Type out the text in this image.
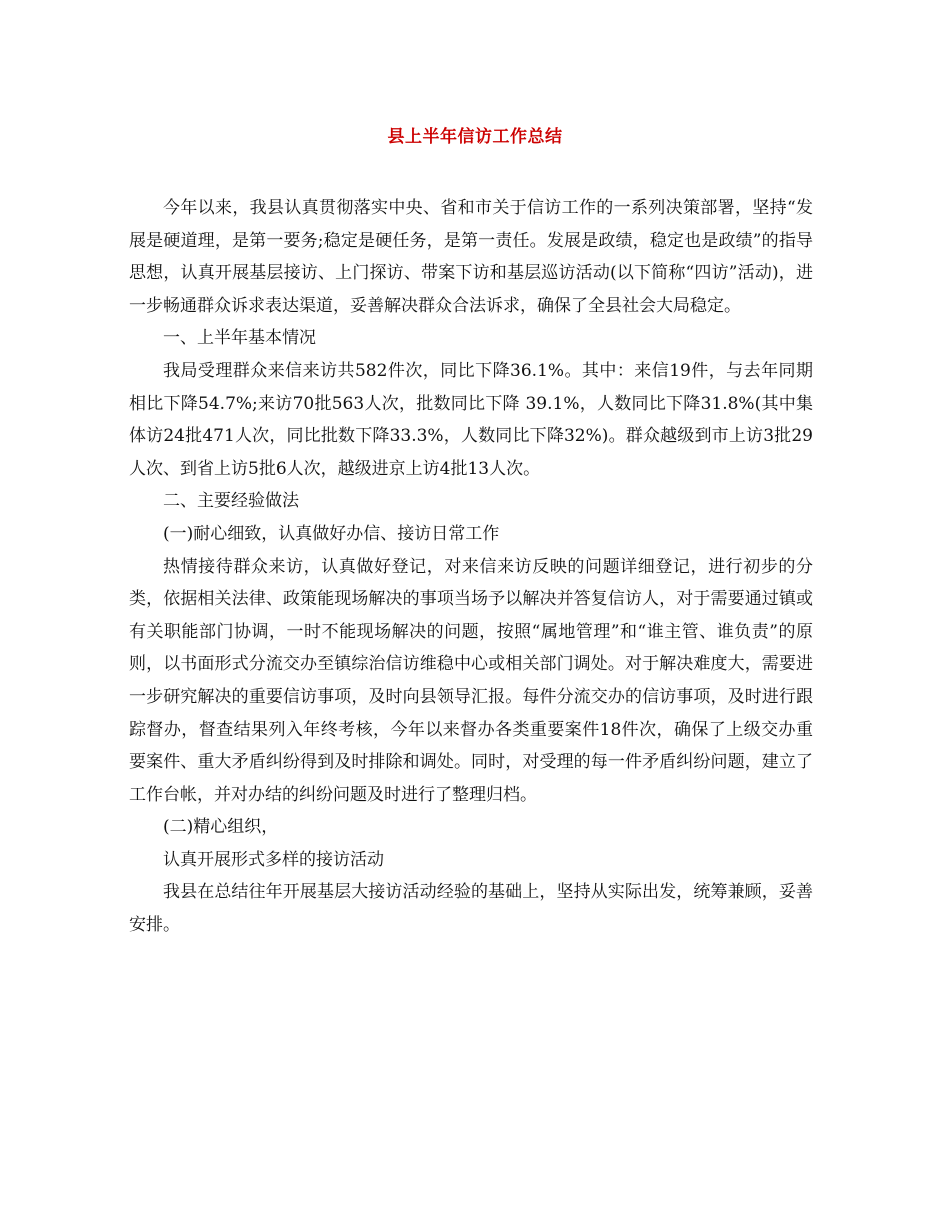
县上半年信访工作总结

今年以来，我县认真贯彻落实中央、省和市关于信访工作的一系列决策部署，坚持“发展是硬道理，是第一要务;稳定是硬任务，是第一责任。发展是政绩，稳定也是政绩”的指导思想，认真开展基层接访、上门探访、带案下访和基层巡访活动(以下简称“四访”活动)，进一步畅通群众诉求表达渠道，妥善解决群众合法诉求，确保了全县社会大局稳定。

一、上半年基本情况

我局受理群众来信来访共582件次，同比下降36.1%。其中：来信19件，与去年同期相比下降54.7%;来访70批563人次，批数同比下降 39.1%，人数同比下降31.8%(其中集体访24批471人次，同比批数下降33.3%，人数同比下降32%)。群众越级到市上访3批29人次、到省上访5批6人次，越级进京上访4批13人次。

二、主要经验做法

(一)耐心细致，认真做好办信、接访日常工作

热情接待群众来访，认真做好登记，对来信来访反映的问题详细登记，进行初步的分类，依据相关法律、政策能现场解决的事项当场予以解决并答复信访人，对于需要通过镇或有关职能部门协调，一时不能现场解决的问题，按照“属地管理”和“谁主管、谁负责”的原则，以书面形式分流交办至镇综治信访维稳中心或相关部门调处。对于解决难度大，需要进一步研究解决的重要信访事项，及时向县领导汇报。每件分流交办的信访事项，及时进行跟踪督办，督查结果列入年终考核，今年以来督办各类重要案件18件次，确保了上级交办重要案件、重大矛盾纠纷得到及时排除和调处。同时，对受理的每一件矛盾纠纷问题，建立了工作台帐，并对办结的纠纷问题及时进行了整理归档。

(二)精心组织，

认真开展形式多样的接访活动

我县在总结往年开展基层大接访活动经验的基础上，坚持从实际出发，统筹兼顾，妥善安排。
